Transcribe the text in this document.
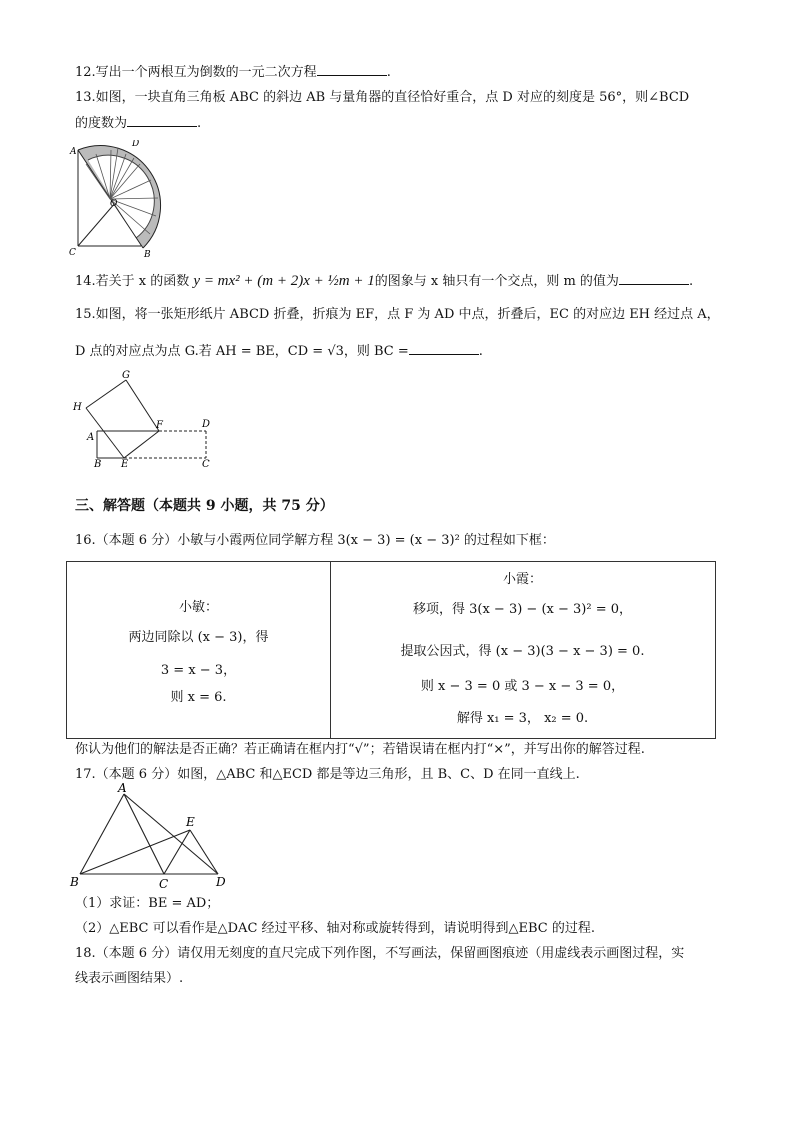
12.写出一个两根互为倒数的一元二次方程	.
13.如图，一块直角三角板 ABC 的斜边 AB 与量角器的直径恰好重合，点 D 对应的刻度是 56°，则∠BCD
的度数为	.
A
D
O
C	B
14.若关于 x 的函数 y = mx² + (m + 2)x + ½m + 1的图象与 x 轴只有一个交点，则 m 的值为	.
15.如图，将一张矩形纸片 ABCD 折叠，折痕为 EF，点 F 为 AD 中点，折叠后，EC 的对应边 EH 经过点 A，
D 点的对应点为点 G.若 AH = BE，CD = √3，则 BC =	.
G
H
A
F	D
B E	C
三、解答题（本题共 9 小题，共 75 分）
16.（本题 6 分）小敏与小霞两位同学解方程 3(x − 3) = (x − 3)² 的过程如下框：
小敏：
两边同除以 (x − 3)，得
3 = x − 3，
则 x = 6.
小霞：
移项，得 3(x − 3) − (x − 3)² = 0，
提取公因式，得 (x − 3)(3 − x − 3) = 0.
则 x − 3 = 0 或 3 − x − 3 = 0，
解得 x₁ = 3， x₂ = 0.
你认为他们的解法是否正确？若正确请在框内打“√”；若错误请在框内打“×”，并写出你的解答过程.
17.（本题 6 分）如图，△ABC 和△ECD 都是等边三角形，且 B、C、D 在同一直线上.
A
E
B	C	D
（1）求证：BE = AD；
（2）△EBC 可以看作是△DAC 经过平移、轴对称或旋转得到，请说明得到△EBC 的过程.
18.（本题 6 分）请仅用无刻度的直尺完成下列作图，不写画法，保留画图痕迹（用虚线表示画图过程，实
线表示画图结果）.
